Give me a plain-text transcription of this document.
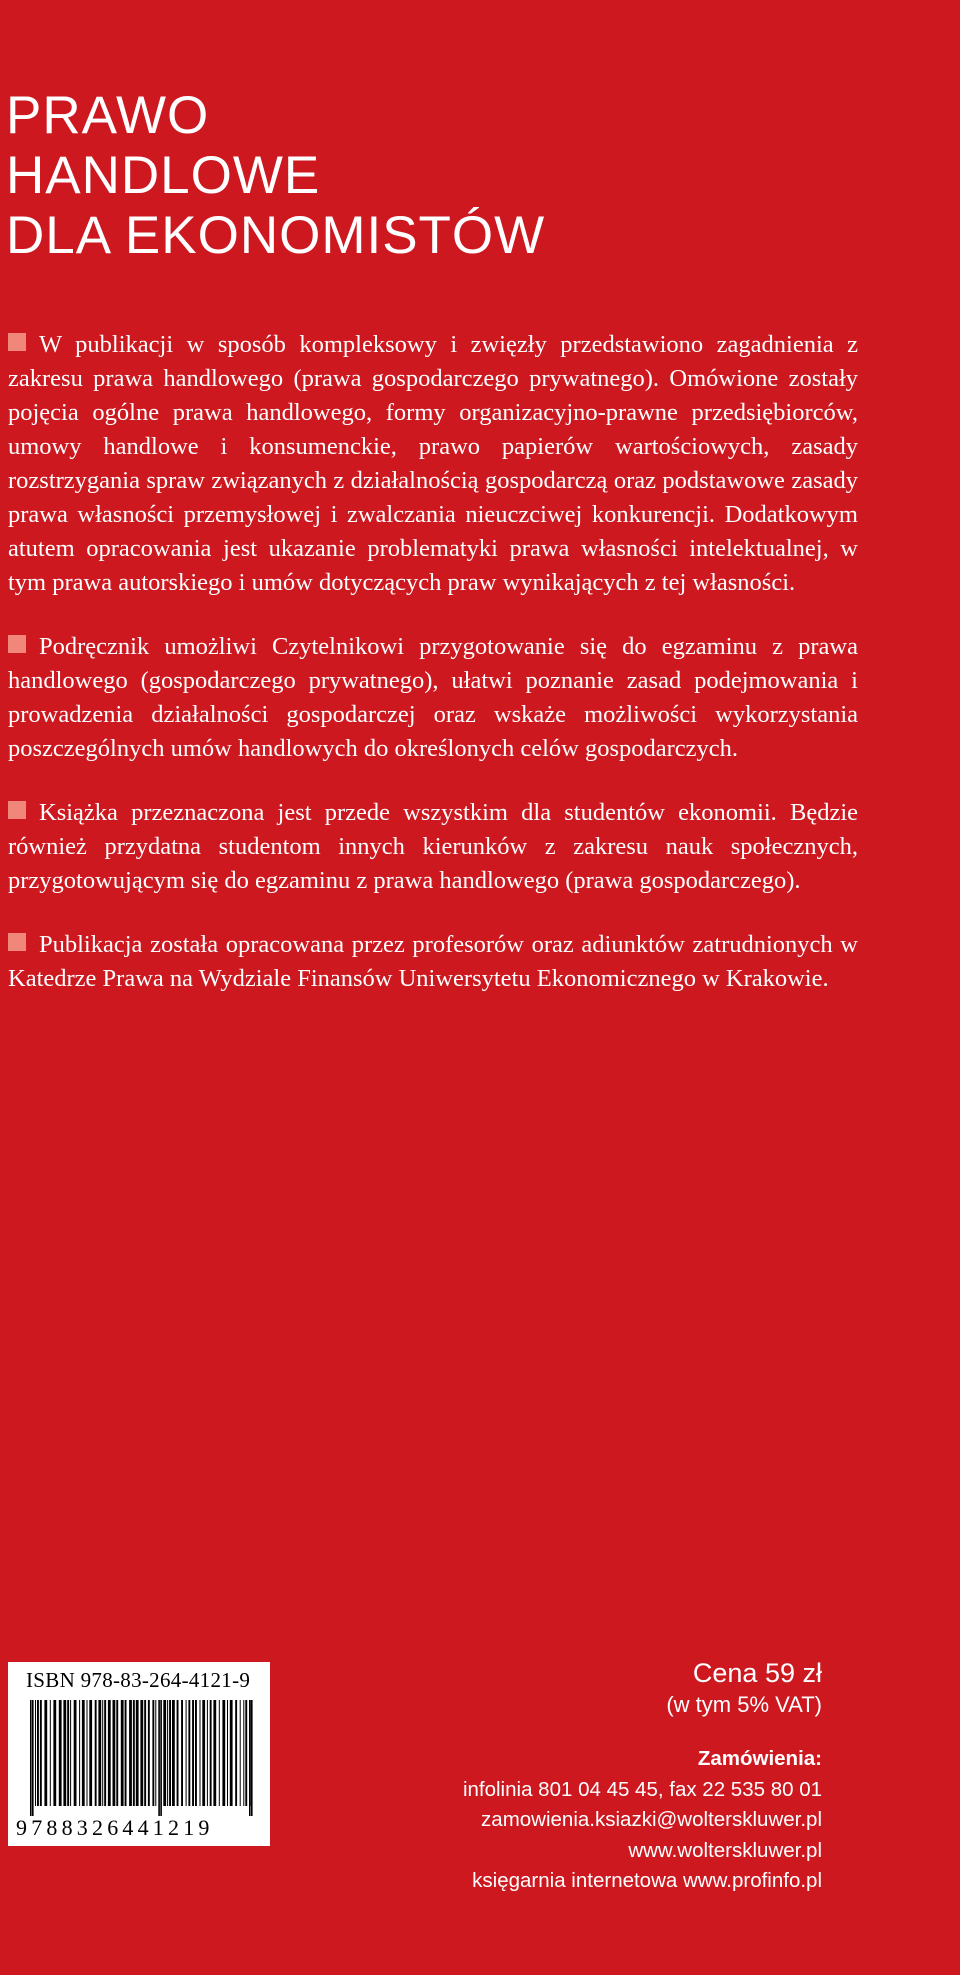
PRAWO
HANDLOWE
DLA EKONOMISTÓW

W publikacji w sposób kompleksowy i zwięzły przedstawiono zagadnienia z zakresu prawa handlowego (prawa gospodarczego prywatnego). Omówione zostały pojęcia ogólne prawa handlowego, formy organizacyjno-prawne przedsiębiorców, umowy handlowe i konsumenckie, prawo papierów wartościowych, zasady rozstrzygania spraw związanych z działalnością gospodarczą oraz podstawowe zasady prawa własności przemysłowej i zwalczania nieuczciwej konkurencji. Dodatkowym atutem opracowania jest ukazanie problematyki prawa własności intelektualnej, w tym prawa autorskiego i umów dotyczących praw wynikających z tej własności.

Podręcznik umożliwi Czytelnikowi przygotowanie się do egzaminu z prawa handlowego (gospodarczego prywatnego), ułatwi poznanie zasad podejmowania i prowadzenia działalności gospodarczej oraz wskaże możliwości wykorzystania poszczególnych umów handlowych do określonych celów gospodarczych.

Książka przeznaczona jest przede wszystkim dla studentów ekonomii. Będzie również przydatna studentom innych kierunków z zakresu nauk społecznych, przygotowującym się do egzaminu z prawa handlowego (prawa gospodarczego).

Publikacja została opracowana przez profesorów oraz adiunktów zatrudnionych w Katedrze Prawa na Wydziale Finansów Uniwersytetu Ekonomicznego w Krakowie.

ISBN 978-83-264-4121-9
9788326441219
Cena 59 zł
(w tym 5% VAT)
Zamówienia:
infolinia 801 04 45 45, fax 22 535 80 01
zamowienia.ksiazki@wolterskluwer.pl
www.wolterskluwer.pl
księgarnia internetowa www.profinfo.pl
